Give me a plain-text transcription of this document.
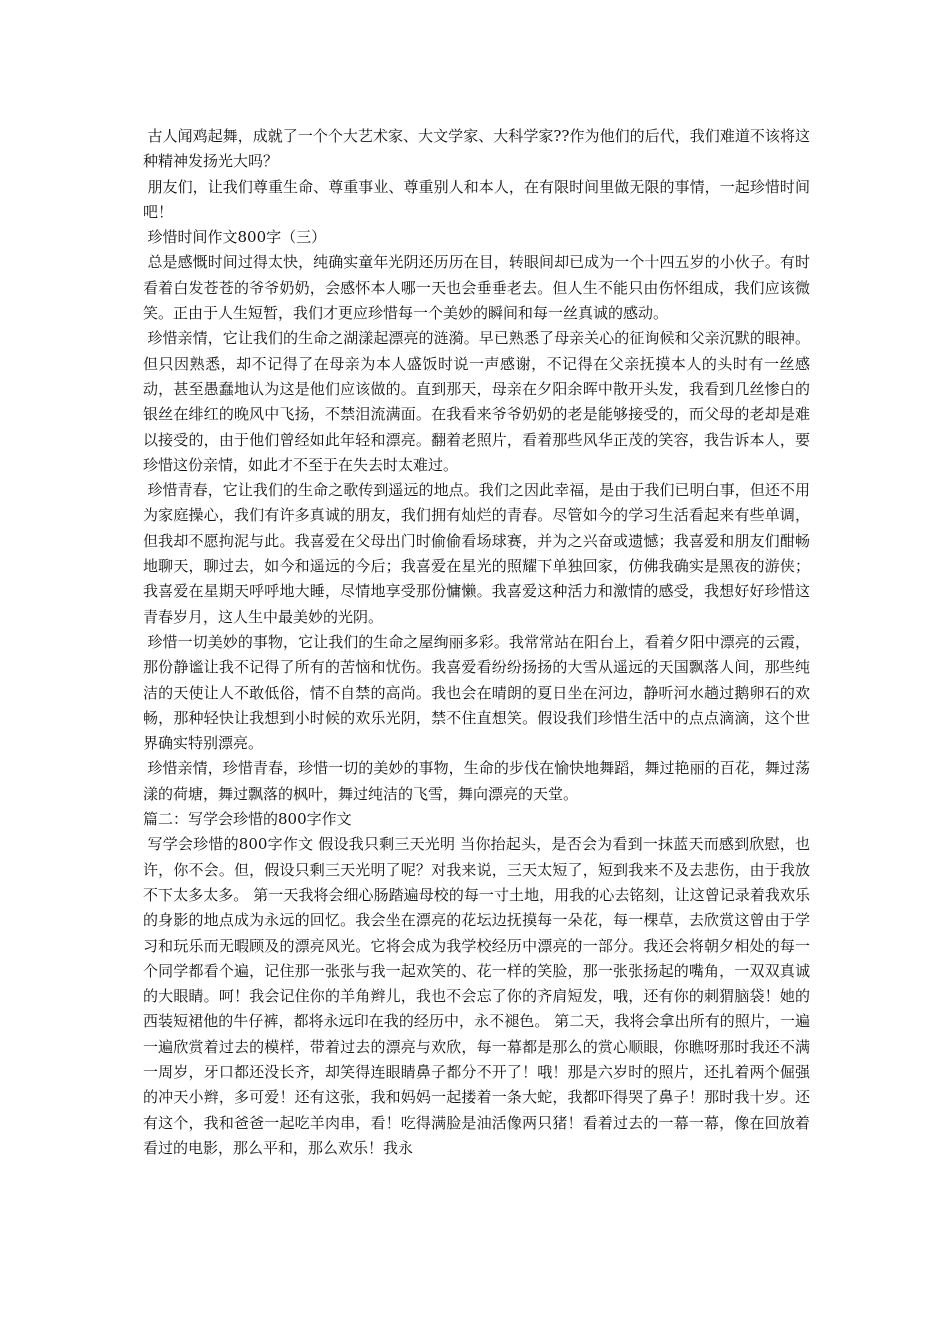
古人闻鸡起舞，成就了一个个大艺术家、大文学家、大科学家??作为他们的后代，我们难道不该将这种精神发扬光大吗？

朋友们，让我们尊重生命、尊重事业、尊重别人和本人，在有限时间里做无限的事情，一起珍惜时间吧！

珍惜时间作文800字（三）

总是感慨时间过得太快，纯确实童年光阴还历历在目，转眼间却已成为一个十四五岁的小伙子。有时看着白发苍苍的爷爷奶奶，会感怀本人哪一天也会垂垂老去。但人生不能只由伤怀组成，我们应该微笑。正由于人生短暂，我们才更应珍惜每一个美妙的瞬间和每一丝真诚的感动。

珍惜亲情，它让我们的生命之湖漾起漂亮的涟漪。早已熟悉了母亲关心的征询候和父亲沉默的眼神。但只因熟悉，却不记得了在母亲为本人盛饭时说一声感谢，不记得在父亲抚摸本人的头时有一丝感动，甚至愚蠢地认为这是他们应该做的。直到那天，母亲在夕阳余晖中散开头发，我看到几丝惨白的银丝在绯红的晚风中飞扬，不禁泪流满面。在我看来爷爷奶奶的老是能够接受的，而父母的老却是难以接受的，由于他们曾经如此年轻和漂亮。翻着老照片，看着那些风华正茂的笑容，我告诉本人，要珍惜这份亲情，如此才不至于在失去时太难过。

珍惜青春，它让我们的生命之歌传到遥远的地点。我们之因此幸福，是由于我们已明白事，但还不用为家庭操心，我们有许多真诚的朋友，我们拥有灿烂的青春。尽管如今的学习生活看起来有些单调，但我却不愿拘泥与此。我喜爱在父母出门时偷偷看场球赛，并为之兴奋或遗憾；我喜爱和朋友们酣畅地聊天，聊过去，如今和遥远的今后；我喜爱在星光的照耀下单独回家，仿佛我确实是黑夜的游侠；我喜爱在星期天呼呼地大睡，尽情地享受那份慵懒。我喜爱这种活力和激情的感受，我想好好珍惜这青春岁月，这人生中最美妙的光阴。

珍惜一切美妙的事物，它让我们的生命之屋绚丽多彩。我常常站在阳台上，看着夕阳中漂亮的云霞，那份静谧让我不记得了所有的苦恼和忧伤。我喜爱看纷纷扬扬的大雪从遥远的天国飘落人间，那些纯洁的天使让人不敢低俗，情不自禁的高尚。我也会在晴朗的夏日坐在河边，静听河水趟过鹅卵石的欢畅，那种轻快让我想到小时候的欢乐光阴，禁不住直想笑。假设我们珍惜生活中的点点滴滴，这个世界确实特别漂亮。

珍惜亲情，珍惜青春，珍惜一切的美妙的事物，生命的步伐在愉快地舞蹈，舞过艳丽的百花，舞过荡漾的荷塘，舞过飘落的枫叶，舞过纯洁的飞雪，舞向漂亮的天堂。

篇二：写学会珍惜的800字作文

写学会珍惜的800字作文 假设我只剩三天光明 当你抬起头，是否会为看到一抹蓝天而感到欣慰，也许，你不会。但，假设只剩三天光明了呢？对我来说，三天太短了，短到我来不及去悲伤，由于我放不下太多太多。 第一天我将会细心肠踏遍母校的每一寸土地，用我的心去铭刻，让这曾记录着我欢乐的身影的地点成为永远的回忆。我会坐在漂亮的花坛边抚摸每一朵花，每一棵草，去欣赏这曾由于学习和玩乐而无暇顾及的漂亮风光。它将会成为我学校经历中漂亮的一部分。我还会将朝夕相处的每一个同学都看个遍，记住那一张张与我一起欢笑的、花一样的笑脸，那一张张扬起的嘴角，一双双真诚的大眼睛。呵！我会记住你的羊角辫儿，我也不会忘了你的齐肩短发，哦，还有你的刺猬脑袋！她的西装短裙他的牛仔裤，都将永远印在我的经历中，永不褪色。 第二天，我将会拿出所有的照片，一遍一遍欣赏着过去的模样，带着过去的漂亮与欢欣，每一幕都是那么的赏心顺眼，你瞧呀那时我还不满一周岁，牙口都还没长齐，却笑得连眼睛鼻子都分不开了！哦！那是六岁时的照片，还扎着两个倔强的冲天小辫，多可爱！还有这张，我和妈妈一起搂着一条大蛇，我都吓得哭了鼻子！那时我十岁。还有这个，我和爸爸一起吃羊肉串，看！吃得满脸是油活像两只猪！看着过去的一幕一幕，像在回放着看过的电影，那么平和，那么欢乐！我永
